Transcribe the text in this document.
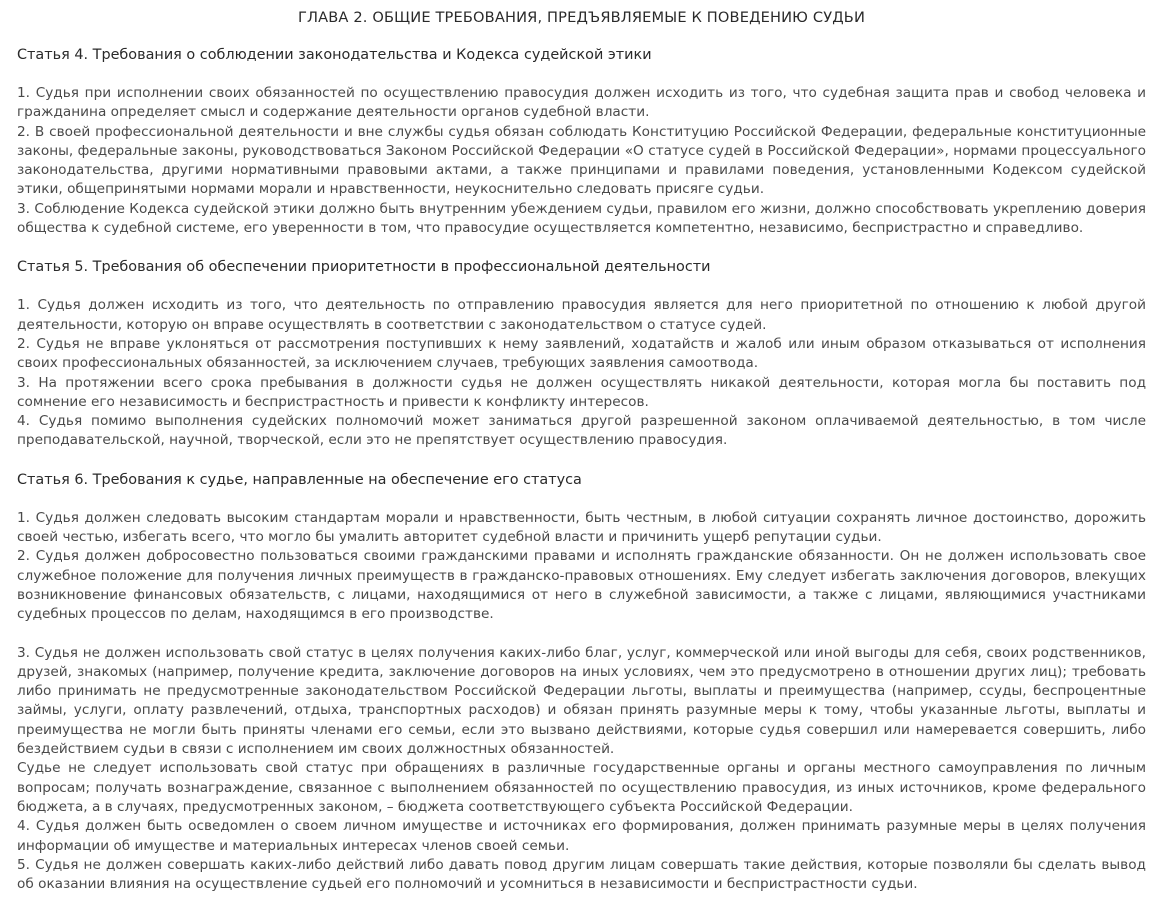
ГЛАВА 2. ОБЩИЕ ТРЕБОВАНИЯ, ПРЕДЪЯВЛЯЕМЫЕ К ПОВЕДЕНИЮ СУДЬИ
Статья 4. Требования о соблюдении законодательства и Кодекса судейской этики

1. Судья при исполнении своих обязанностей по осуществлению правосудия должен исходить из того, что судебная защита прав и свобод человека и гражданина определяет смысл и содержание деятельности органов судебной власти.

2. В своей профессиональной деятельности и вне службы судья обязан соблюдать Конституцию Российской Федерации, федеральные конституционные законы, федеральные законы, руководствоваться Законом Российской Федерации «О статусе судей в Российской Федерации», нормами процессуального законодательства, другими нормативными правовыми актами, а также принципами и правилами поведения, установленными Кодексом судейской этики, общепринятыми нормами морали и нравственности, неукоснительно следовать присяге судьи.

3. Соблюдение Кодекса судейской этики должно быть внутренним убеждением судьи, правилом его жизни, должно способствовать укреплению доверия общества к судебной системе, его уверенности в том, что правосудие осуществляется компетентно, независимо, беспристрастно и справедливо.

Статья 5. Требования об обеспечении приоритетности в профессиональной деятельности

1. Судья должен исходить из того, что деятельность по отправлению правосудия является для него приоритетной по отношению к любой другой деятельности, которую он вправе осуществлять в соответствии с законодательством о статусе судей.

2. Судья не вправе уклоняться от рассмотрения поступивших к нему заявлений, ходатайств и жалоб или иным образом отказываться от исполнения своих профессиональных обязанностей, за исключением случаев, требующих заявления самоотвода.

3. На протяжении всего срока пребывания в должности судья не должен осуществлять никакой деятельности, которая могла бы поставить под сомнение его независимость и беспристрастность и привести к конфликту интересов.

4. Судья помимо выполнения судейских полномочий может заниматься другой разрешенной законом оплачиваемой деятельностью, в том числе преподавательской, научной, творческой, если это не препятствует осуществлению правосудия.

Статья 6. Требования к судье, направленные на обеспечение его статуса

1. Судья должен следовать высоким стандартам морали и нравственности, быть честным, в любой ситуации сохранять личное достоинство, дорожить своей честью, избегать всего, что могло бы умалить авторитет судебной власти и причинить ущерб репутации судьи.

2. Судья должен добросовестно пользоваться своими гражданскими правами и исполнять гражданские обязанности. Он не должен использовать свое служебное положение для получения личных преимуществ в гражданско-правовых отношениях. Ему следует избегать заключения договоров, влекущих возникновение финансовых обязательств, с лицами, находящимися от него в служебной зависимости, а также с лицами, являющимися участниками судебных процессов по делам, находящимся в его производстве.

3. Судья не должен использовать свой статус в целях получения каких-либо благ, услуг, коммерческой или иной выгоды для себя, своих родственников, друзей, знакомых (например, получение кредита, заключение договоров на иных условиях, чем это предусмотрено в отношении других лиц); требовать либо принимать не предусмотренные законодательством Российской Федерации льготы, выплаты и преимущества (например, ссуды, беспроцентные займы, услуги, оплату развлечений, отдыха, транспортных расходов) и обязан принять разумные меры к тому, чтобы указанные льготы, выплаты и преимущества не могли быть приняты членами его семьи, если это вызвано действиями, которые судья совершил или намеревается совершить, либо бездействием судьи в связи с исполнением им своих должностных обязанностей.

Судье не следует использовать свой статус при обращениях в различные государственные органы и органы местного самоуправления по личным вопросам; получать вознаграждение, связанное с выполнением обязанностей по осуществлению правосудия, из иных источников, кроме федерального бюджета, а в случаях, предусмотренных законом, – бюджета соответствующего субъекта Российской Федерации.

4. Судья должен быть осведомлен о своем личном имуществе и источниках его формирования, должен принимать разумные меры в целях получения информации об имуществе и материальных интересах членов своей семьи.

5. Судья не должен совершать каких-либо действий либо давать повод другим лицам совершать такие действия, которые позволяли бы сделать вывод об оказании влияния на осуществление судьей его полномочий и усомниться в независимости и беспристрастности судьи.
